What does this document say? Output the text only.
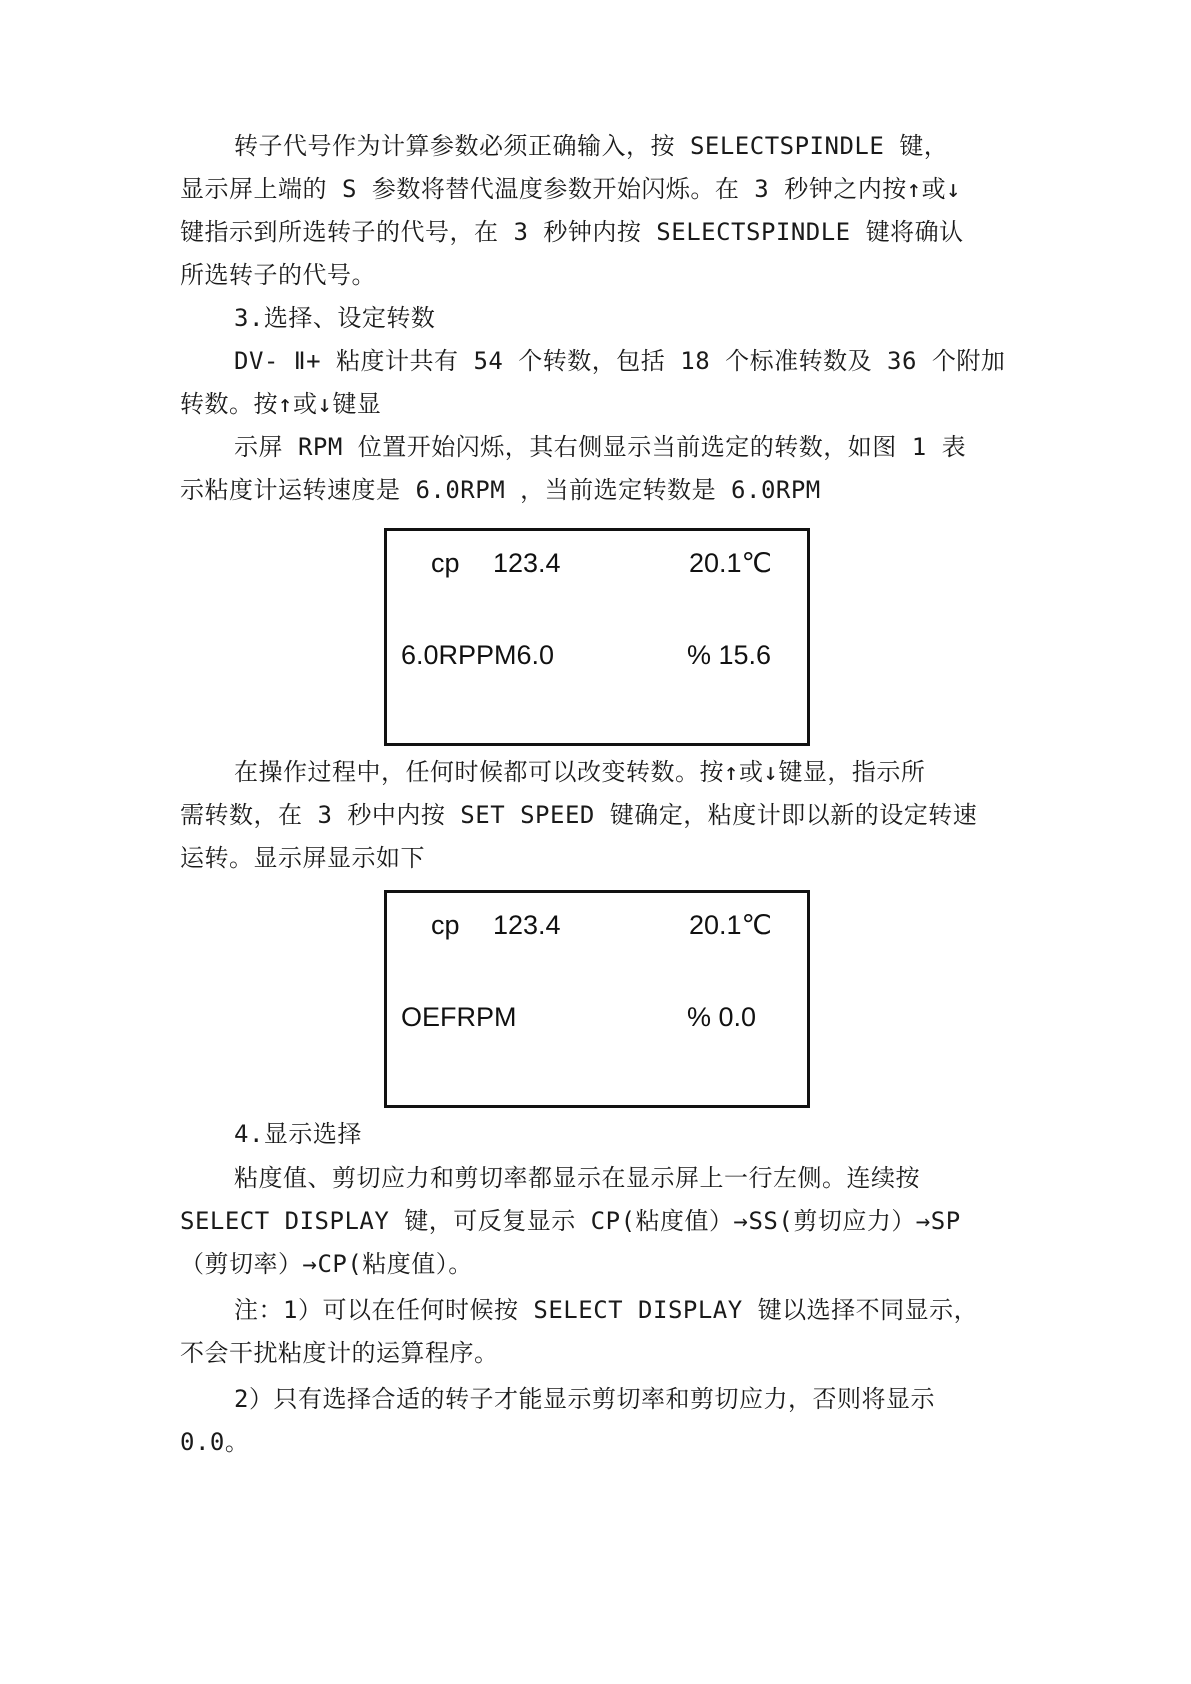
转子代号作为计算参数必须正确输入，按 SELECTSPINDLE 键，
显示屏上端的 S 参数将替代温度参数开始闪烁。在 3 秒钟之内按↑或↓
键指示到所选转子的代号，在 3 秒钟内按 SELECTSPINDLE 键将确认
所选转子的代号。
3.选择、设定转数
DV- Ⅱ+ 粘度计共有 54 个转数，包括 18 个标准转数及 36 个附加
转数。按↑或↓键显
示屏 RPM 位置开始闪烁，其右侧显示当前选定的转数，如图 1 表
示粘度计运转速度是 6.0RPM ，当前选定转数是 6.0RPM
cp 123.4	20.1℃
6.0RPPM6.0	% 15.6
在操作过程中，任何时候都可以改变转数。按↑或↓键显，指示所
需转数，在 3 秒中内按 SET SPEED 键确定，粘度计即以新的设定转速
运转。显示屏显示如下
cp 123.4	20.1℃
OEFRPM	% 0.0
4.显示选择
粘度值、剪切应力和剪切率都显示在显示屏上一行左侧。连续按
SELECT DISPLAY 键，可反复显示 CP(粘度值）→SS(剪切应力）→SP
（剪切率）→CP(粘度值）。
注：1）可以在任何时候按 SELECT DISPLAY 键以选择不同显示，
不会干扰粘度计的运算程序。
2）只有选择合适的转子才能显示剪切率和剪切应力，否则将显示
0.0。
